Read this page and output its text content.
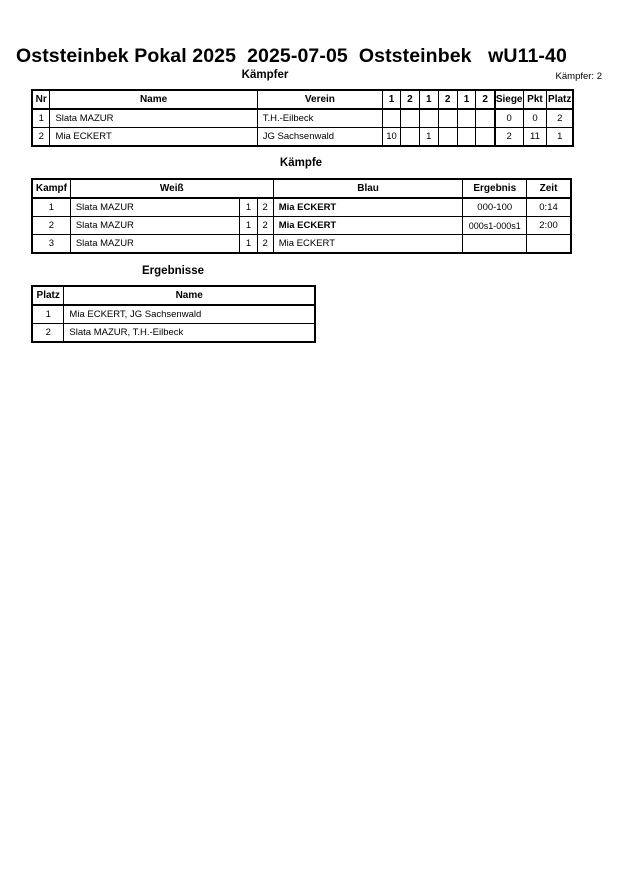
Oststeinbek Pokal 2025  2025-07-05  Oststeinbek   wU11-40
Kämpfer	Kämpfer: 2
Nr	Name	Verein	1	2	1	2	1	2	Siege	Pkt	Platz
1	Slata MAZUR	T.H.-Eilbeck							0	0	2
2	Mia ECKERT	JG Sachsenwald	10		1				2	11	1
Kämpfe
Kampf	Weiß			Blau	Ergebnis	Zeit
1	Slata MAZUR	1	2	Mia ECKERT	000-100	0:14
2	Slata MAZUR	1	2	Mia ECKERT	000s1-000s1	2:00
3	Slata MAZUR	1	2	Mia ECKERT		
Ergebnisse
Platz	Name
1	Mia ECKERT, JG Sachsenwald
2	Slata MAZUR, T.H.-Eilbeck
